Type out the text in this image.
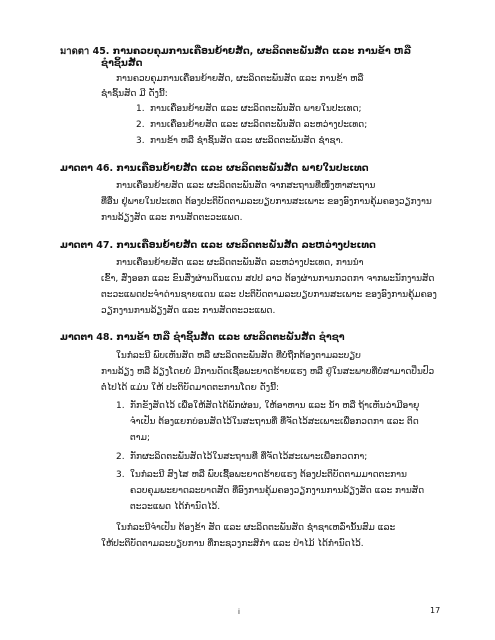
มาดตา 45. ການຄວບຄຸມການເຄື່ອນຍ້າຍສັດ, ຜະລິດຕະພັນສັດ ແລະ ການຂ້າ ຫລື
ຊໍາຊິ້ນສັດ
ການຄວບຄຸມການເຄື່ອນຍ້າຍສັດ, ຜະລິດຕະພັນສັດ ແລະ ການຂ້າ ຫລື
ຊໍາຊິ້ນສັດ ມີ ດັ່ງນີ້:
1. ການເຄື່ອນຍ້າຍສັດ ແລະ ຜະລິດຕະພັນສັດ ພາຍໃນປະເທດ;
2. ການເຄື່ອນຍ້າຍສັດ ແລະ ຜະລິດຕະພັນສັດ ລະຫວ່າງປະເທດ;
3. ການຂ້າ ຫລື ຊໍາຊິ້ນສັດ ແລະ ຜະລິດຕະພັນສັດ ຊໍາຊາ.
ມາດຕາ 46. ການເຄື່ອນຍ້າຍສັດ ແລະ ຜະລິດຕະພັນສັດ ພາຍໃນປະເທດ
ການເຄື່ອນຍ້າຍສັດ ແລະ ຜະລິດຕະພັນສັດ ຈາກສະຖານທີ່ໜຶ່ງຫາສະຖານ
ທີ່ອື່ນ ຢູ່ພາຍໃນປະເທດ ຕ້ອງປະຕິບັດຕາມລະບຽບການສະເພາະ ຂອງອົງການຄຸ້ມຄອງວຽກງານ
ການລ້ຽງສັດ ແລະ ການສັດຕະວະແພດ.
ມາດຕາ 47. ການເຄື່ອນຍ້າຍສັດ ແລະ ຜະລິດຕະພັນສັດ ລະຫວ່າງປະເທດ
ການເຄື່ອນຍ້າຍສັດ ແລະ ຜະລິດຕະພັນສັດ ລະຫວ່າງປະເທດ, ການນໍາ
ເຂົ້າ, ສົ່ງອອກ ແລະ ຂົນສົ່ງຜ່ານດິນແດນ ສປປ ລາວ ຕ້ອງຜ່ານການກວດກາ ຈາກພະນັກງານສັດ
ຕະວະແພດປະຈໍາດ່ານຊາຍແດນ ແລະ ປະຕິບັດຕາມລະບຽບການສະເພາະ ຂອງອົງການຄຸ້ມຄອງ
ວຽກງານການລ້ຽງສັດ ແລະ ການສັດຕະວະແພດ.
ມາດຕາ 48. ການຂ້າ ຫລື ຊໍາຊິ້ນສັດ ແລະ ຜະລິດຕະພັນສັດ ຊໍາຊາ
ໃນກໍລະນີ ພົບເຫັນສັດ ຫລື ຜະລິດຕະພັນສັດ ທີ່ບໍ່ຖືກຕ້ອງຕາມລະບຽບ
ການລ້ຽງ ຫລື ລ້ຽງໂດຍບໍ່ ມີການດັດເຊື້ອພະຍາດຮ້າຍແຮງ ຫລື ຢູ່ໃນສະພາບທີ່ບໍ່ສາມາດປິ່ນປົວ
ຕໍ່ໄປໄດ້ ແມ່ນ ໃຫ້ ປະຕິບັດມາດຕະການໂດຍ ດັ່ງນີ້:
1. ກັກຂັງສັດໄວ້ ເພື່ອໃຫ້ສັດໄດ້ພັກຜ່ອນ, ໃຫ້ອາຫານ ແລະ ນໍ້າ ຫລື ຖ້າເຫັນວ່າມີອາຍຸ
ຈໍາເປັນ ຕ້ອງແຍກບ່ອນສັດໄວ້ໃນສະຖານທີ່ ທີ່ຈັດໄວ້ສະເພາະເພື່ອກວດກາ ແລະ ຕິດ
ຕາມ;
2. ກັກຜະລິດຕະພັນສັດໄວ້ໃນສະຖານທີ່ ທີ່ຈັດໄວ້ສະເພາະເພື່ອກວດກາ;
3. ໃນກໍລະນີ ສົງໄສ ຫລື ພົບເຊື້ອພະຍາດຮ້າຍແຮງ ຕ້ອງປະຕິບັດຕາມມາດຕະການ
ຄວບຄຸມພະຍາດລະບາດສັດ ທີ່ອົງການຄຸ້ມຄອງວຽກງານການລ້ຽງສັດ ແລະ ການສັດ
ຕະວະແພດ ໄດ້ກໍານົດໄວ້.
ໃນກໍລະນີຈໍາເປັນ ຕ້ອງຂ້າ ສັດ ແລະ ຜະລິດຕະພັນສັດ ຊໍາຊາເຫລົ່ານັ້ນສົມ ແລະ
ໃຫ້ປະຕິບັດຕາມລະບຽບການ ທີ່ກະຊວງກະສິກໍາ ແລະ ປ່າໄມ້ ໄດ້ກໍານົດໄວ້.
i	17
